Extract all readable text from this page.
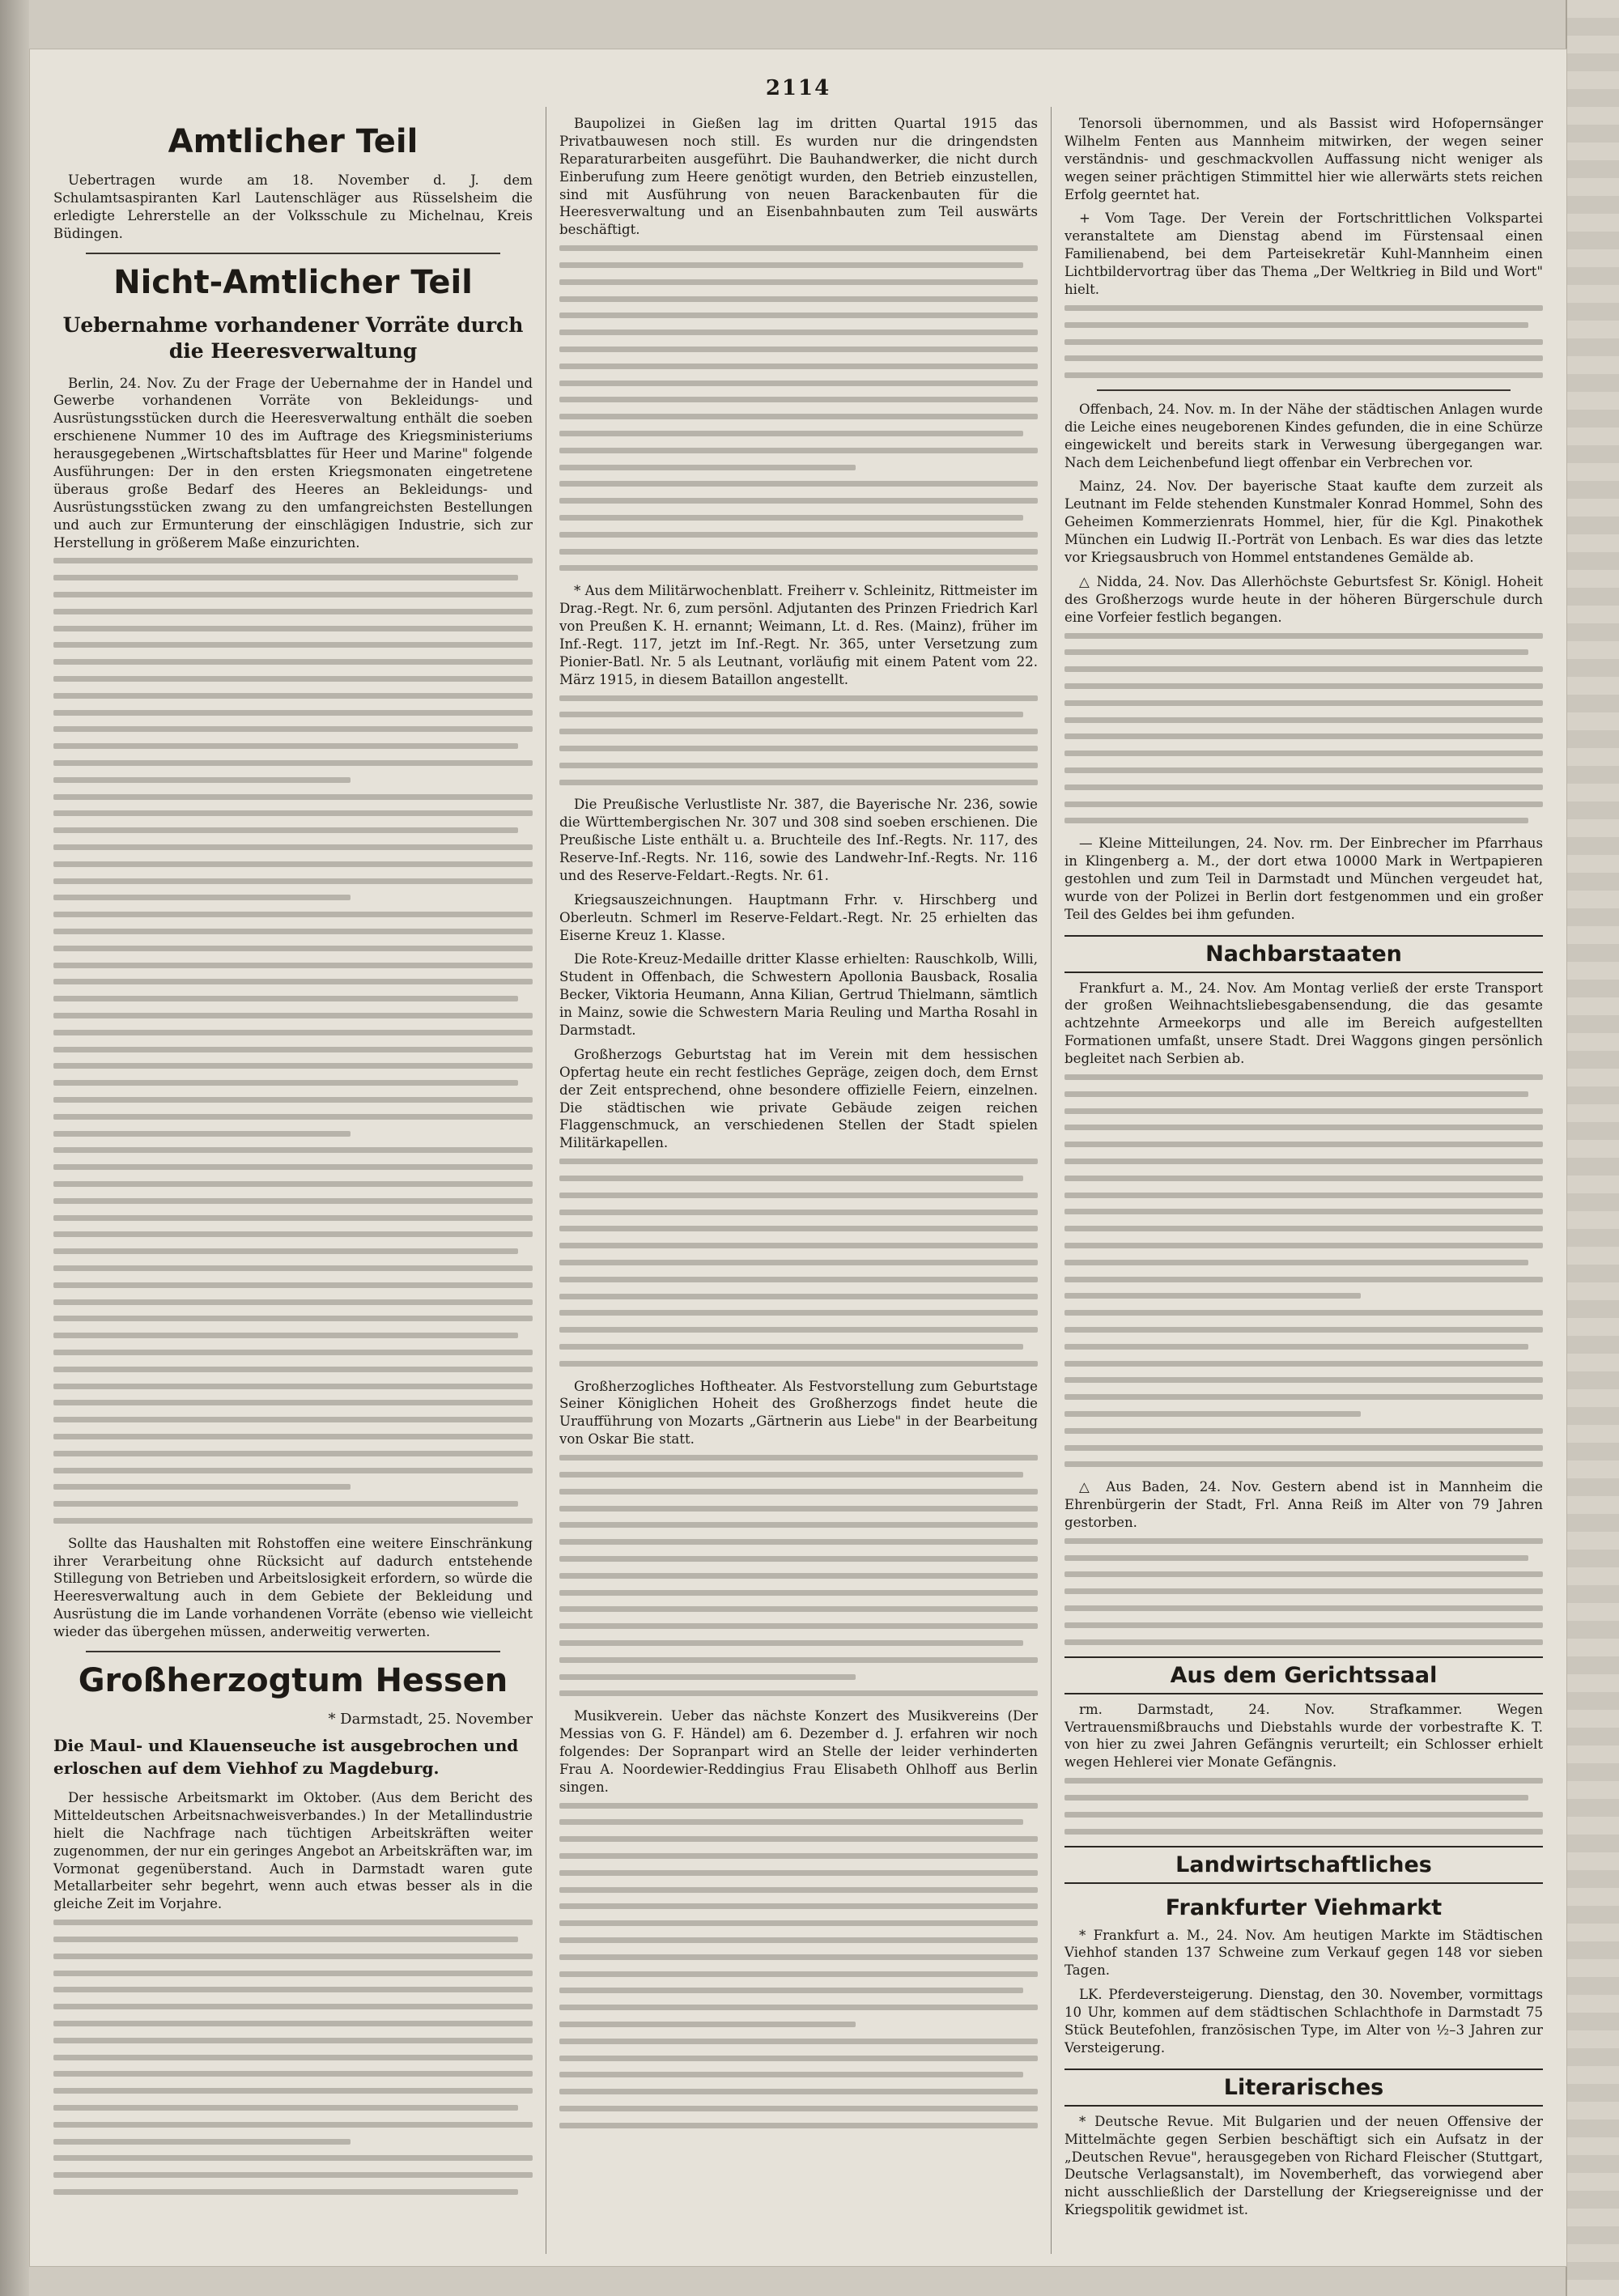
2114
Amtlicher Teil

Uebertragen wurde am 18. November d. J. dem Schulamtsaspiranten Karl Lautenschläger aus Rüsselsheim die erledigte Lehrerstelle an der Volksschule zu Michelnau, Kreis Büdingen.

Nicht-Amtlicher Teil
Uebernahme vorhandener Vorräte durch die Heeresverwaltung

Berlin, 24. Nov. Zu der Frage der Uebernahme der in Handel und Gewerbe vorhandenen Vorräte von Bekleidungs- und Ausrüstungsstücken durch die Heeresverwaltung enthält die soeben erschienene Nummer 10 des im Auftrage des Kriegsministeriums herausgegebenen „Wirtschaftsblattes für Heer und Marine" folgende Ausführungen: Der in den ersten Kriegsmonaten eingetretene überaus große Bedarf des Heeres an Bekleidungs- und Ausrüstungsstücken zwang zu den umfangreichsten Bestellungen und auch zur Ermunterung der einschlägigen Industrie, sich zur Herstellung in größerem Maße einzurichten.

Sollte das Haushalten mit Rohstoffen eine weitere Einschränkung ihrer Verarbeitung ohne Rücksicht auf dadurch entstehende Stillegung von Betrieben und Arbeitslosigkeit erfordern, so würde die Heeresverwaltung auch in dem Gebiete der Bekleidung und Ausrüstung die im Lande vorhandenen Vorräte (ebenso wie vielleicht wieder das übergehen müssen, anderweitig verwerten.

Großherzogtum Hessen
* Darmstadt, 25. November
Die Maul- und Klauenseuche ist ausgebrochen und erloschen auf dem Viehhof zu Magdeburg.

Der hessische Arbeitsmarkt im Oktober. (Aus dem Bericht des Mitteldeutschen Arbeitsnachweisverbandes.) In der Metallindustrie hielt die Nachfrage nach tüchtigen Arbeitskräften weiter zugenommen, der nur ein geringes Angebot an Arbeitskräften war, im Vormonat gegenüberstand. Auch in Darmstadt waren gute Metallarbeiter sehr begehrt, wenn auch etwas besser als in die gleiche Zeit im Vorjahre.

Baupolizei in Gießen lag im dritten Quartal 1915 das Privatbauwesen noch still. Es wurden nur die dringendsten Reparaturarbeiten ausgeführt. Die Bauhandwerker, die nicht durch Einberufung zum Heere genötigt wurden, den Betrieb einzustellen, sind mit Ausführung von neuen Barackenbauten für die Heeresverwaltung und an Eisenbahnbauten zum Teil auswärts beschäftigt.

* Aus dem Militärwochenblatt. Freiherr v. Schleinitz, Rittmeister im Drag.-Regt. Nr. 6, zum persönl. Adjutanten des Prinzen Friedrich Karl von Preußen K. H. ernannt; Weimann, Lt. d. Res. (Mainz), früher im Inf.-Regt. 117, jetzt im Inf.-Regt. Nr. 365, unter Versetzung zum Pionier-Batl. Nr. 5 als Leutnant, vorläufig mit einem Patent vom 22. März 1915, in diesem Bataillon angestellt.

Die Preußische Verlustliste Nr. 387, die Bayerische Nr. 236, sowie die Württembergischen Nr. 307 und 308 sind soeben erschienen. Die Preußische Liste enthält u. a. Bruchteile des Inf.-Regts. Nr. 117, des Reserve-Inf.-Regts. Nr. 116, sowie des Landwehr-Inf.-Regts. Nr. 116 und des Reserve-Feldart.-Regts. Nr. 61.

Kriegsauszeichnungen. Hauptmann Frhr. v. Hirschberg und Oberleutn. Schmerl im Reserve-Feldart.-Regt. Nr. 25 erhielten das Eiserne Kreuz 1. Klasse.

Die Rote-Kreuz-Medaille dritter Klasse erhielten: Rauschkolb, Willi, Student in Offenbach, die Schwestern Apollonia Bausback, Rosalia Becker, Viktoria Heumann, Anna Kilian, Gertrud Thielmann, sämtlich in Mainz, sowie die Schwestern Maria Reuling und Martha Rosahl in Darmstadt.

Großherzogs Geburtstag hat im Verein mit dem hessischen Opfertag heute ein recht festliches Gepräge, zeigen doch, dem Ernst der Zeit entsprechend, ohne besondere offizielle Feiern, einzelnen. Die städtischen wie private Gebäude zeigen reichen Flaggenschmuck, an verschiedenen Stellen der Stadt spielen Militärkapellen.

Großherzogliches Hoftheater. Als Festvorstellung zum Geburtstage Seiner Königlichen Hoheit des Großherzogs findet heute die Uraufführung von Mozarts „Gärtnerin aus Liebe" in der Bearbeitung von Oskar Bie statt.

Musikverein. Ueber das nächste Konzert des Musikvereins (Der Messias von G. F. Händel) am 6. Dezember d. J. erfahren wir noch folgendes: Der Sopranpart wird an Stelle der leider verhinderten Frau A. Noordewier-Reddingius Frau Elisabeth Ohlhoff aus Berlin singen.

Tenorsoli übernommen, und als Bassist wird Hofopernsänger Wilhelm Fenten aus Mannheim mitwirken, der wegen seiner verständnis- und geschmackvollen Auffassung nicht weniger als wegen seiner prächtigen Stimmittel hier wie allerwärts stets reichen Erfolg geerntet hat.

+ Vom Tage. Der Verein der Fortschrittlichen Volkspartei veranstaltete am Dienstag abend im Fürstensaal einen Familienabend, bei dem Parteisekretär Kuhl-Mannheim einen Lichtbildervortrag über das Thema „Der Weltkrieg in Bild und Wort" hielt.

Offenbach, 24. Nov. m. In der Nähe der städtischen Anlagen wurde die Leiche eines neugeborenen Kindes gefunden, die in eine Schürze eingewickelt und bereits stark in Verwesung übergegangen war. Nach dem Leichenbefund liegt offenbar ein Verbrechen vor.

Mainz, 24. Nov. Der bayerische Staat kaufte dem zurzeit als Leutnant im Felde stehenden Kunstmaler Konrad Hommel, Sohn des Geheimen Kommerzienrats Hommel, hier, für die Kgl. Pinakothek München ein Ludwig II.-Porträt von Lenbach. Es war dies das letzte vor Kriegsausbruch von Hommel entstandenes Gemälde ab.

△ Nidda, 24. Nov. Das Allerhöchste Geburtsfest Sr. Königl. Hoheit des Großherzogs wurde heute in der höheren Bürgerschule durch eine Vorfeier festlich begangen.

— Kleine Mitteilungen, 24. Nov. rm. Der Einbrecher im Pfarrhaus in Klingenberg a. M., der dort etwa 10000 Mark in Wertpapieren gestohlen und zum Teil in Darmstadt und München vergeudet hat, wurde von der Polizei in Berlin dort festgenommen und ein großer Teil des Geldes bei ihm gefunden.

Nachbarstaaten

Frankfurt a. M., 24. Nov. Am Montag verließ der erste Transport der großen Weihnachtsliebesgabensendung, die das gesamte achtzehnte Armeekorps und alle im Bereich aufgestellten Formationen umfaßt, unsere Stadt. Drei Waggons gingen persönlich begleitet nach Serbien ab.

△ Aus Baden, 24. Nov. Gestern abend ist in Mannheim die Ehrenbürgerin der Stadt, Frl. Anna Reiß im Alter von 79 Jahren gestorben.

Aus dem Gerichtssaal

rm. Darmstadt, 24. Nov. Strafkammer. Wegen Vertrauensmißbrauchs und Diebstahls wurde der vorbestrafte K. T. von hier zu zwei Jahren Gefängnis verurteilt; ein Schlosser erhielt wegen Hehlerei vier Monate Gefängnis.

Landwirtschaftliches
Frankfurter Viehmarkt

* Frankfurt a. M., 24. Nov. Am heutigen Markte im Städtischen Viehhof standen 137 Schweine zum Verkauf gegen 148 vor sieben Tagen.

LK. Pferdeversteigerung. Dienstag, den 30. November, vormittags 10 Uhr, kommen auf dem städtischen Schlachthofe in Darmstadt 75 Stück Beutefohlen, französischen Type, im Alter von ½–3 Jahren zur Versteigerung.

Literarisches

* Deutsche Revue. Mit Bulgarien und der neuen Offensive der Mittelmächte gegen Serbien beschäftigt sich ein Aufsatz in der „Deutschen Revue", herausgegeben von Richard Fleischer (Stuttgart, Deutsche Verlagsanstalt), im Novemberheft, das vorwiegend aber nicht ausschließlich der Darstellung der Kriegsereignisse und der Kriegspolitik gewidmet ist.
